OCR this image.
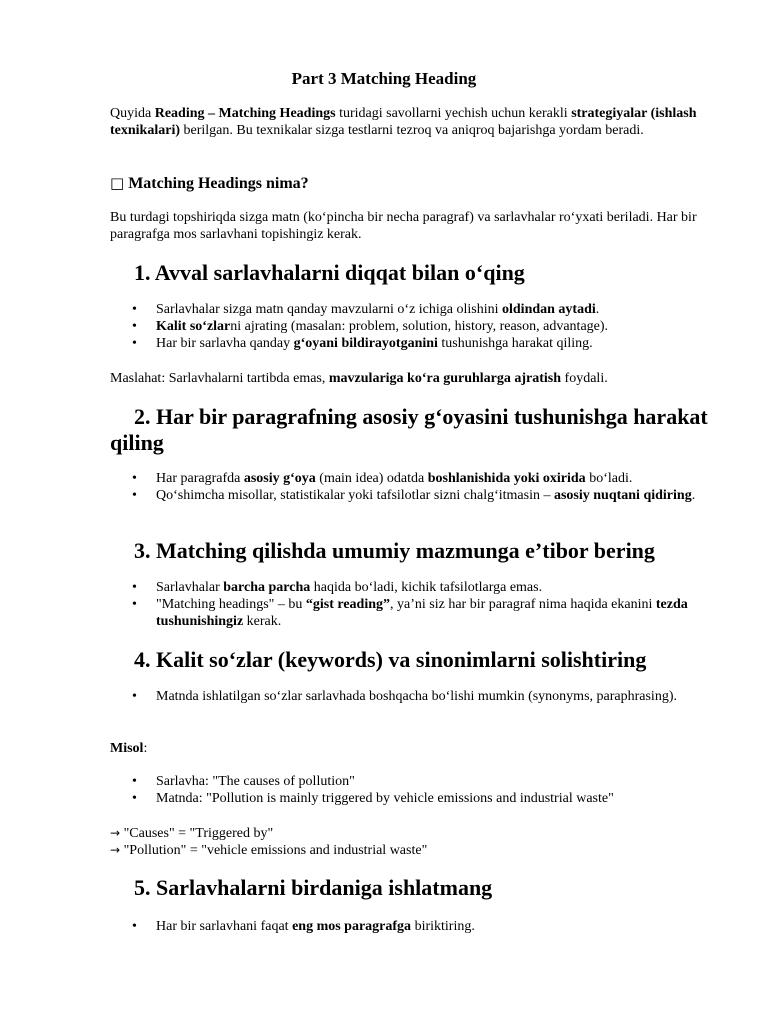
Part 3 Matching Heading
Quyida Reading – Matching Headings turidagi savollarni yechish uchun kerakli strategiyalar (ishlash texnikalari) berilgan. Bu texnikalar sizga testlarni tezroq va aniqroq bajarishga yordam beradi.
□ Matching Headings nima?
Bu turdagi topshiriqda sizga matn (ko‘pincha bir necha paragraf) va sarlavhalar ro‘yxati beriladi. Har bir paragrafga mos sarlavhani topishingiz kerak.
1. Avval sarlavhalarni diqqat bilan o‘qing
• Sarlavhalar sizga matn qanday mavzularni o‘z ichiga olishini oldindan aytadi.
• Kalit so‘zlarni ajrating (masalan: problem, solution, history, reason, advantage).
• Har bir sarlavha qanday g‘oyani bildirayotganini tushunishga harakat qiling.
Maslahat: Sarlavhalarni tartibda emas, mavzulariga ko‘ra guruhlarga ajratish foydali.
2. Har bir paragrafning asosiy g‘oyasini tushunishga harakat qiling
• Har paragrafda asosiy g‘oya (main idea) odatda boshlanishida yoki oxirida bo‘ladi.
• Qo‘shimcha misollar, statistikalar yoki tafsilotlar sizni chalg‘itmasin – asosiy nuqtani qidiring.
3. Matching qilishda umumiy mazmunga e’tibor bering
• Sarlavhalar barcha parcha haqida bo‘ladi, kichik tafsilotlarga emas.
• "Matching headings" – bu “gist reading”, ya’ni siz har bir paragraf nima haqida ekanini tezda tushunishingiz kerak.
4. Kalit so‘zlar (keywords) va sinonimlarni solishtiring
• Matnda ishlatilgan so‘zlar sarlavhada boshqacha bo‘lishi mumkin (synonyms, paraphrasing).
Misol:
• Sarlavha: "The causes of pollution"
• Matnda: "Pollution is mainly triggered by vehicle emissions and industrial waste"
→ "Causes" = "Triggered by"
→ "Pollution" = "vehicle emissions and industrial waste"
5. Sarlavhalarni birdaniga ishlatmang
• Har bir sarlavhani faqat eng mos paragrafga biriktiring.
